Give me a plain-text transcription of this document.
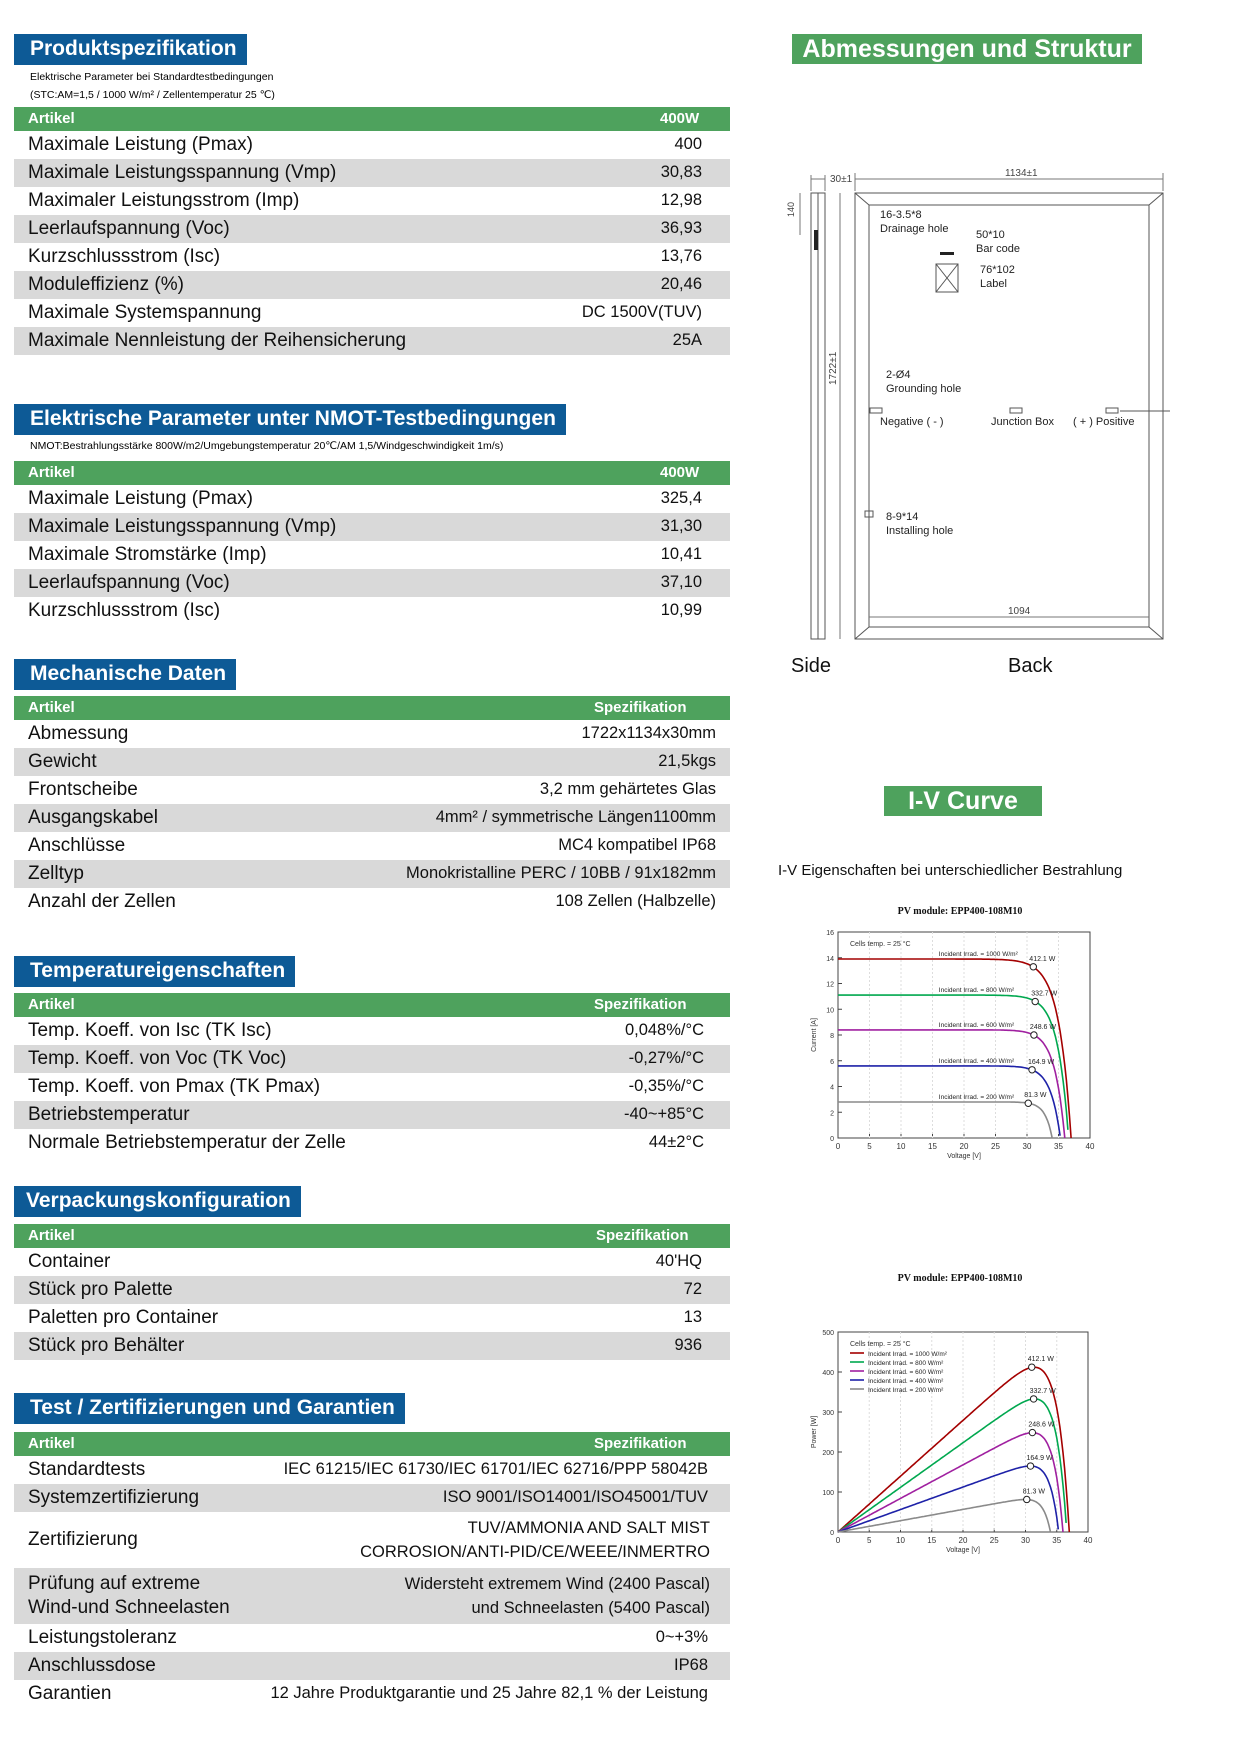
Produktspezifikation
Elektrische Parameter bei Standardtestbedingungen
(STC:AM=1,5 / 1000 W/m² / Zellentemperatur 25 ℃)
Artikel	400W
Maximale Leistung (Pmax)	400
Maximale Leistungsspannung (Vmp)	30,83
Maximaler Leistungsstrom (Imp)	12,98
Leerlaufspannung (Voc)	36,93
Kurzschlussstrom (Isc)	13,76
Moduleffizienz (%)	20,46
Maximale Systemspannung	DC 1500V(TUV)
Maximale Nennleistung der Reihensicherung	25A
Elektrische Parameter unter NMOT-Testbedingungen
NMOT:Bestrahlungsstärke 800W/m2/Umgebungstemperatur 20℃/AM 1,5/Windgeschwindigkeit 1m/s)
Artikel	400W
Maximale Leistung (Pmax)	325,4
Maximale Leistungsspannung (Vmp)	31,30
Maximale Stromstärke (Imp)	10,41
Leerlaufspannung (Voc)	37,10
Kurzschlussstrom (Isc)	10,99
Mechanische Daten
Artikel	Spezifikation
Abmessung	1722x1134x30mm
Gewicht	21,5kgs
Frontscheibe	3,2 mm gehärtetes Glas
Ausgangskabel	4mm² / symmetrische Längen1100mm
Anschlüsse	MC4 kompatibel IP68
Zelltyp	Monokristalline PERC / 10BB / 91x182mm
Anzahl der Zellen	108 Zellen (Halbzelle)
Temperatureigenschaften
Artikel	Spezifikation
Temp. Koeff. von Isc (TK Isc)	0,048%/°C
Temp. Koeff. von Voc (TK Voc)	-0,27%/°C
Temp. Koeff. von Pmax (TK Pmax)	-0,35%/°C
Betriebstemperatur	-40~+85°C
Normale Betriebstemperatur der Zelle	44±2°C
Verpackungskonfiguration
Artikel	Spezifikation
Container	40'HQ
Stück pro Palette	72
Paletten pro Container	13
Stück pro Behälter	936
Test / Zertifizierungen und Garantien
Artikel	Spezifikation
Standardtests	IEC 61215/IEC 61730/IEC 61701/IEC 62716/PPP 58042B
Systemzertifizierung	ISO 9001/ISO14001/ISO45001/TUV
Zertifizierung
TUV/AMMONIA AND SALT MIST
CORROSION/ANTI-PID/CE/WEEE/INMERTRO
Prüfung auf extreme
Wind-und Schneelasten
Widersteht extremem Wind (2400 Pascal)
und Schneelasten (5400 Pascal)
Leistungstoleranz	0~+3%
Anschlussdose	IP68
Garantien	12 Jahre Produktgarantie und 25 Jahre 82,1 % der Leistung
Abmessungen und Struktur
30±1
140
1134±1
1722±1
1094
16-3.5*8
Drainage hole	50*10
Bar code
76*102
Label
2-Ø4
Grounding hole
Negative ( - )	Junction Box ( + ) Positive
8-9*14
Installing hole
Side	Back
I-V Curve
I-V Eigenschaften bei unterschiedlicher Bestrahlung
PV module: EPP400-108M10
0	5	10	15	20	25	30	35	40
0
2
4
6
8
10
12
14
16
Voltage [V]
Current [A]
Cells temp. = 25 °C
412.1 W
Incident Irrad. = 1000 W/m²
332.7 W
Incident Irrad. = 800 W/m²
248.6 W
Incident Irrad. = 600 W/m²
164.9 W
Incident Irrad. = 400 W/m²
81.3 W
Incident Irrad. = 200 W/m²
PV module: EPP400-108M10
0	5	10	15	20	25	30	35	40
0
100
200
300
400
500
Voltage [V]
Power [W]
Cells temp. = 25 °C
412.1 W
Incident Irrad. = 1000 W/m²
332.7 W
Incident Irrad. = 800 W/m²
248.6 W
Incident Irrad. = 600 W/m²
164.9 W
Incident Irrad. = 400 W/m²
81.3 W
Incident Irrad. = 200 W/m²
